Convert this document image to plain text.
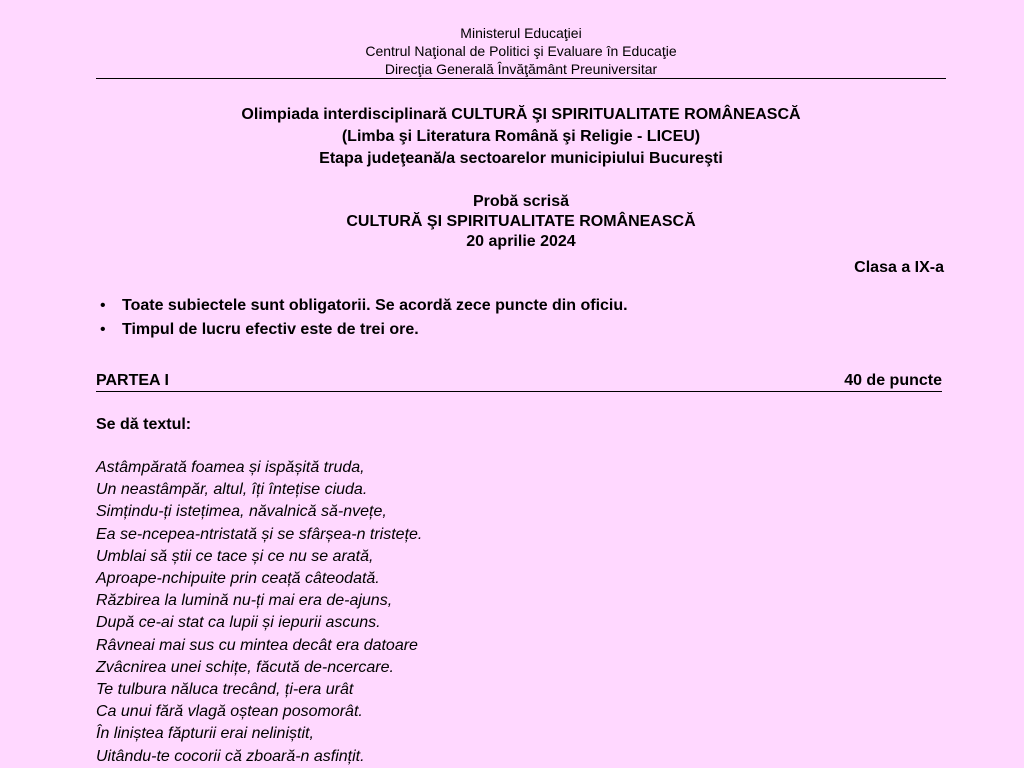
Ministerul Educaţiei
Centrul Naţional de Politici şi Evaluare în Educaţie
Direcţia Generală Învăţământ Preuniversitar
Olimpiada interdisciplinară CULTURĂ ŞI SPIRITUALITATE ROMÂNEASCĂ
(Limba şi Literatura Română şi Religie - LICEU)
Etapa judeţeană/a sectoarelor municipiului Bucureşti
Probă scrisă
CULTURĂ ŞI SPIRITUALITATE ROMÂNEASCĂ
20 aprilie 2024
Clasa a IX-a
• Toate subiectele sunt obligatorii. Se acordă zece puncte din oficiu.
• Timpul de lucru efectiv este de trei ore.
PARTEA I	40 de puncte
Se dă textul:
Astâmpărată foamea și ispășită truda,
Un neastâmpăr, altul, îți întețise ciuda.
Simțindu-ți istețimea, năvalnică să-nvețe,
Ea se-ncepea-ntristată și se sfârșea-n tristețe.
Umblai să știi ce tace și ce nu se arată,
Aproape-nchipuite prin ceață câteodată.
Răzbirea la lumină nu-ți mai era de-ajuns,
După ce-ai stat ca lupii și iepurii ascuns.
Râvneai mai sus cu mintea decât era datoare
Zvâcnirea unei schițe, făcută de-ncercare.
Te tulbura năluca trecând, ți-era urât
Ca unui fără vlagă oștean posomorât.
În liniștea făpturii erai neliniștit,
Uitându-te cocorii că zboară-n asfințit.
